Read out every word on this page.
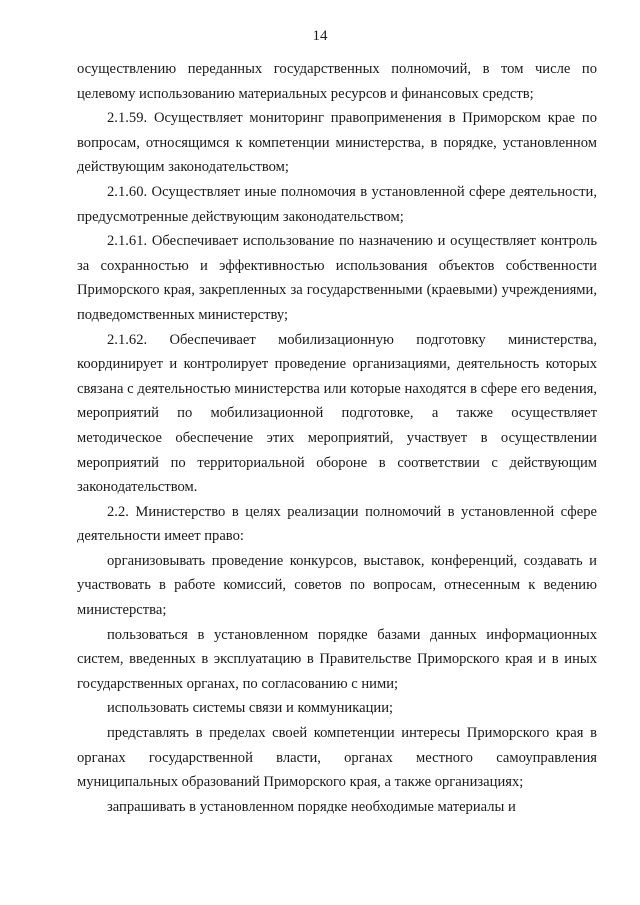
14

осуществлению переданных государственных полномочий, в том числе по целевому использованию материальных ресурсов и финансовых средств;

2.1.59. Осуществляет мониторинг правоприменения в Приморском крае по вопросам, относящимся к компетенции министерства, в порядке, установленном действующим законодательством;

2.1.60. Осуществляет иные полномочия в установленной сфере деятельности, предусмотренные действующим законодательством;

2.1.61. Обеспечивает использование по назначению и осуществляет контроль за сохранностью и эффективностью использования объектов собственности Приморского края, закрепленных за государственными (краевыми) учреждениями, подведомственных министерству;

2.1.62. Обеспечивает мобилизационную подготовку министерства, координирует и контролирует проведение организациями, деятельность которых связана с деятельностью министерства или которые находятся в сфере его ведения, мероприятий по мобилизационной подготовке, а также осуществляет методическое обеспечение этих мероприятий, участвует в осуществлении мероприятий по территориальной обороне в соответствии с действующим законодательством.

2.2. Министерство в целях реализации полномочий в установленной сфере деятельности имеет право:

организовывать проведение конкурсов, выставок, конференций, создавать и участвовать в работе комиссий, советов по вопросам, отнесенным к ведению министерства;

пользоваться в установленном порядке базами данных информационных систем, введенных в эксплуатацию в Правительстве Приморского края и в иных государственных органах, по согласованию с ними;

использовать системы связи и коммуникации;

представлять в пределах своей компетенции интересы Приморского края в органах государственной власти, органах местного самоуправления муниципальных образований Приморского края, а также организациях;

запрашивать в установленном порядке необходимые материалы и
